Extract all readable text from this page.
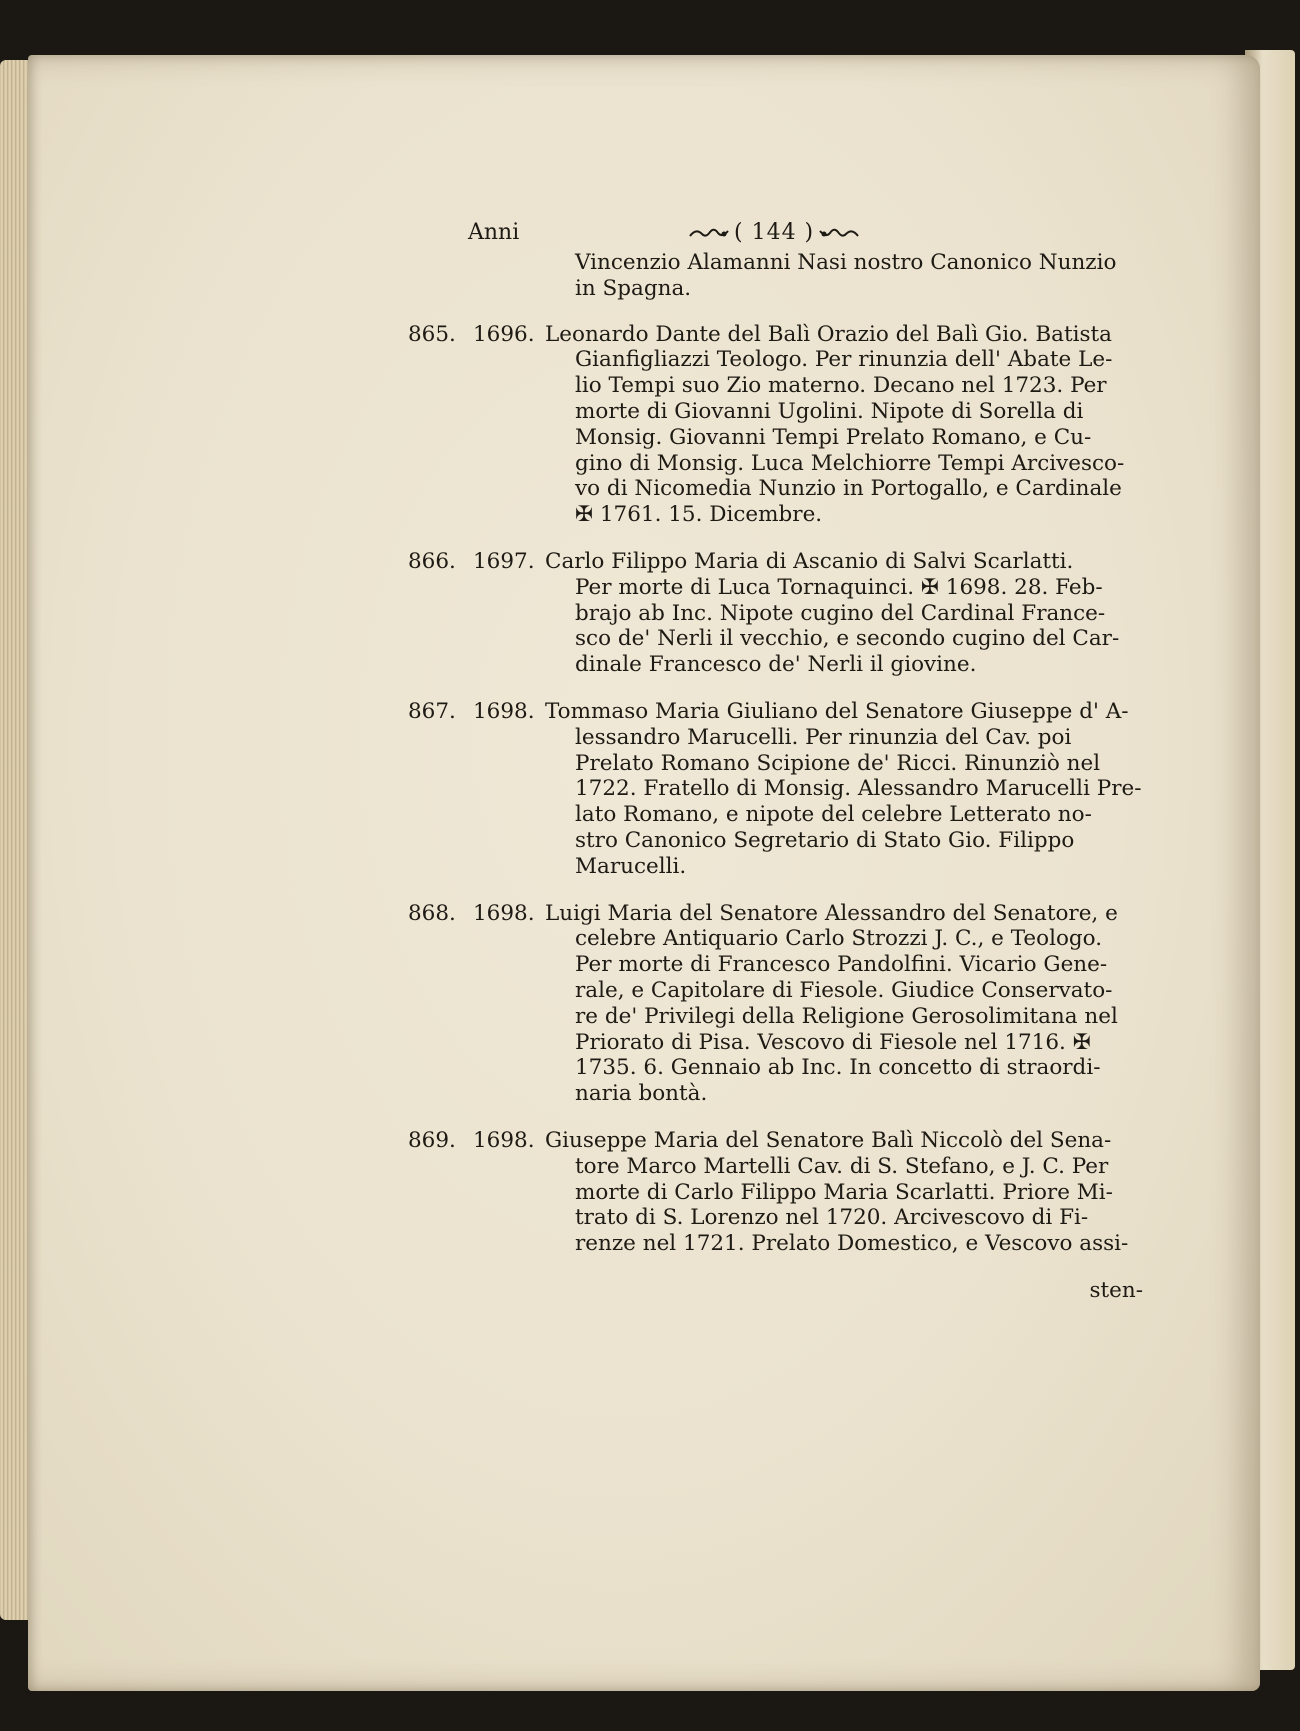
Anni	( 144 )
Vincenzio Alamanni Nasi nostro Canonico Nunzio
in Spagna.
865. 1696. Leonardo Dante del Balì Orazio del Balì Gio. Batista
Gianfigliazzi Teologo. Per rinunzia dell' Abate Le-
lio Tempi suo Zio materno. Decano nel 1723. Per
morte di Giovanni Ugolini. Nipote di Sorella di
Monsig. Giovanni Tempi Prelato Romano, e Cu-
gino di Monsig. Luca Melchiorre Tempi Arcivesco-
vo di Nicomedia Nunzio in Portogallo, e Cardinale
✠ 1761. 15. Dicembre.
866. 1697. Carlo Filippo Maria di Ascanio di Salvi Scarlatti.
Per morte di Luca Tornaquinci. ✠ 1698. 28. Feb-
brajo ab Inc. Nipote cugino del Cardinal France-
sco de' Nerli il vecchio, e secondo cugino del Car-
dinale Francesco de' Nerli il giovine.
867. 1698. Tommaso Maria Giuliano del Senatore Giuseppe d' A-
lessandro Marucelli. Per rinunzia del Cav. poi
Prelato Romano Scipione de' Ricci. Rinunziò nel
1722. Fratello di Monsig. Alessandro Marucelli Pre-
lato Romano, e nipote del celebre Letterato no-
stro Canonico Segretario di Stato Gio. Filippo
Marucelli.
868. 1698. Luigi Maria del Senatore Alessandro del Senatore, e
celebre Antiquario Carlo Strozzi J. C., e Teologo.
Per morte di Francesco Pandolfini. Vicario Gene-
rale, e Capitolare di Fiesole. Giudice Conservato-
re de' Privilegi della Religione Gerosolimitana nel
Priorato di Pisa. Vescovo di Fiesole nel 1716. ✠
1735. 6. Gennaio ab Inc. In concetto di straordi-
naria bontà.
869. 1698. Giuseppe Maria del Senatore Balì Niccolò del Sena-
tore Marco Martelli Cav. di S. Stefano, e J. C. Per
morte di Carlo Filippo Maria Scarlatti. Priore Mi-
trato di S. Lorenzo nel 1720. Arcivescovo di Fi-
renze nel 1721. Prelato Domestico, e Vescovo assi-
sten-
